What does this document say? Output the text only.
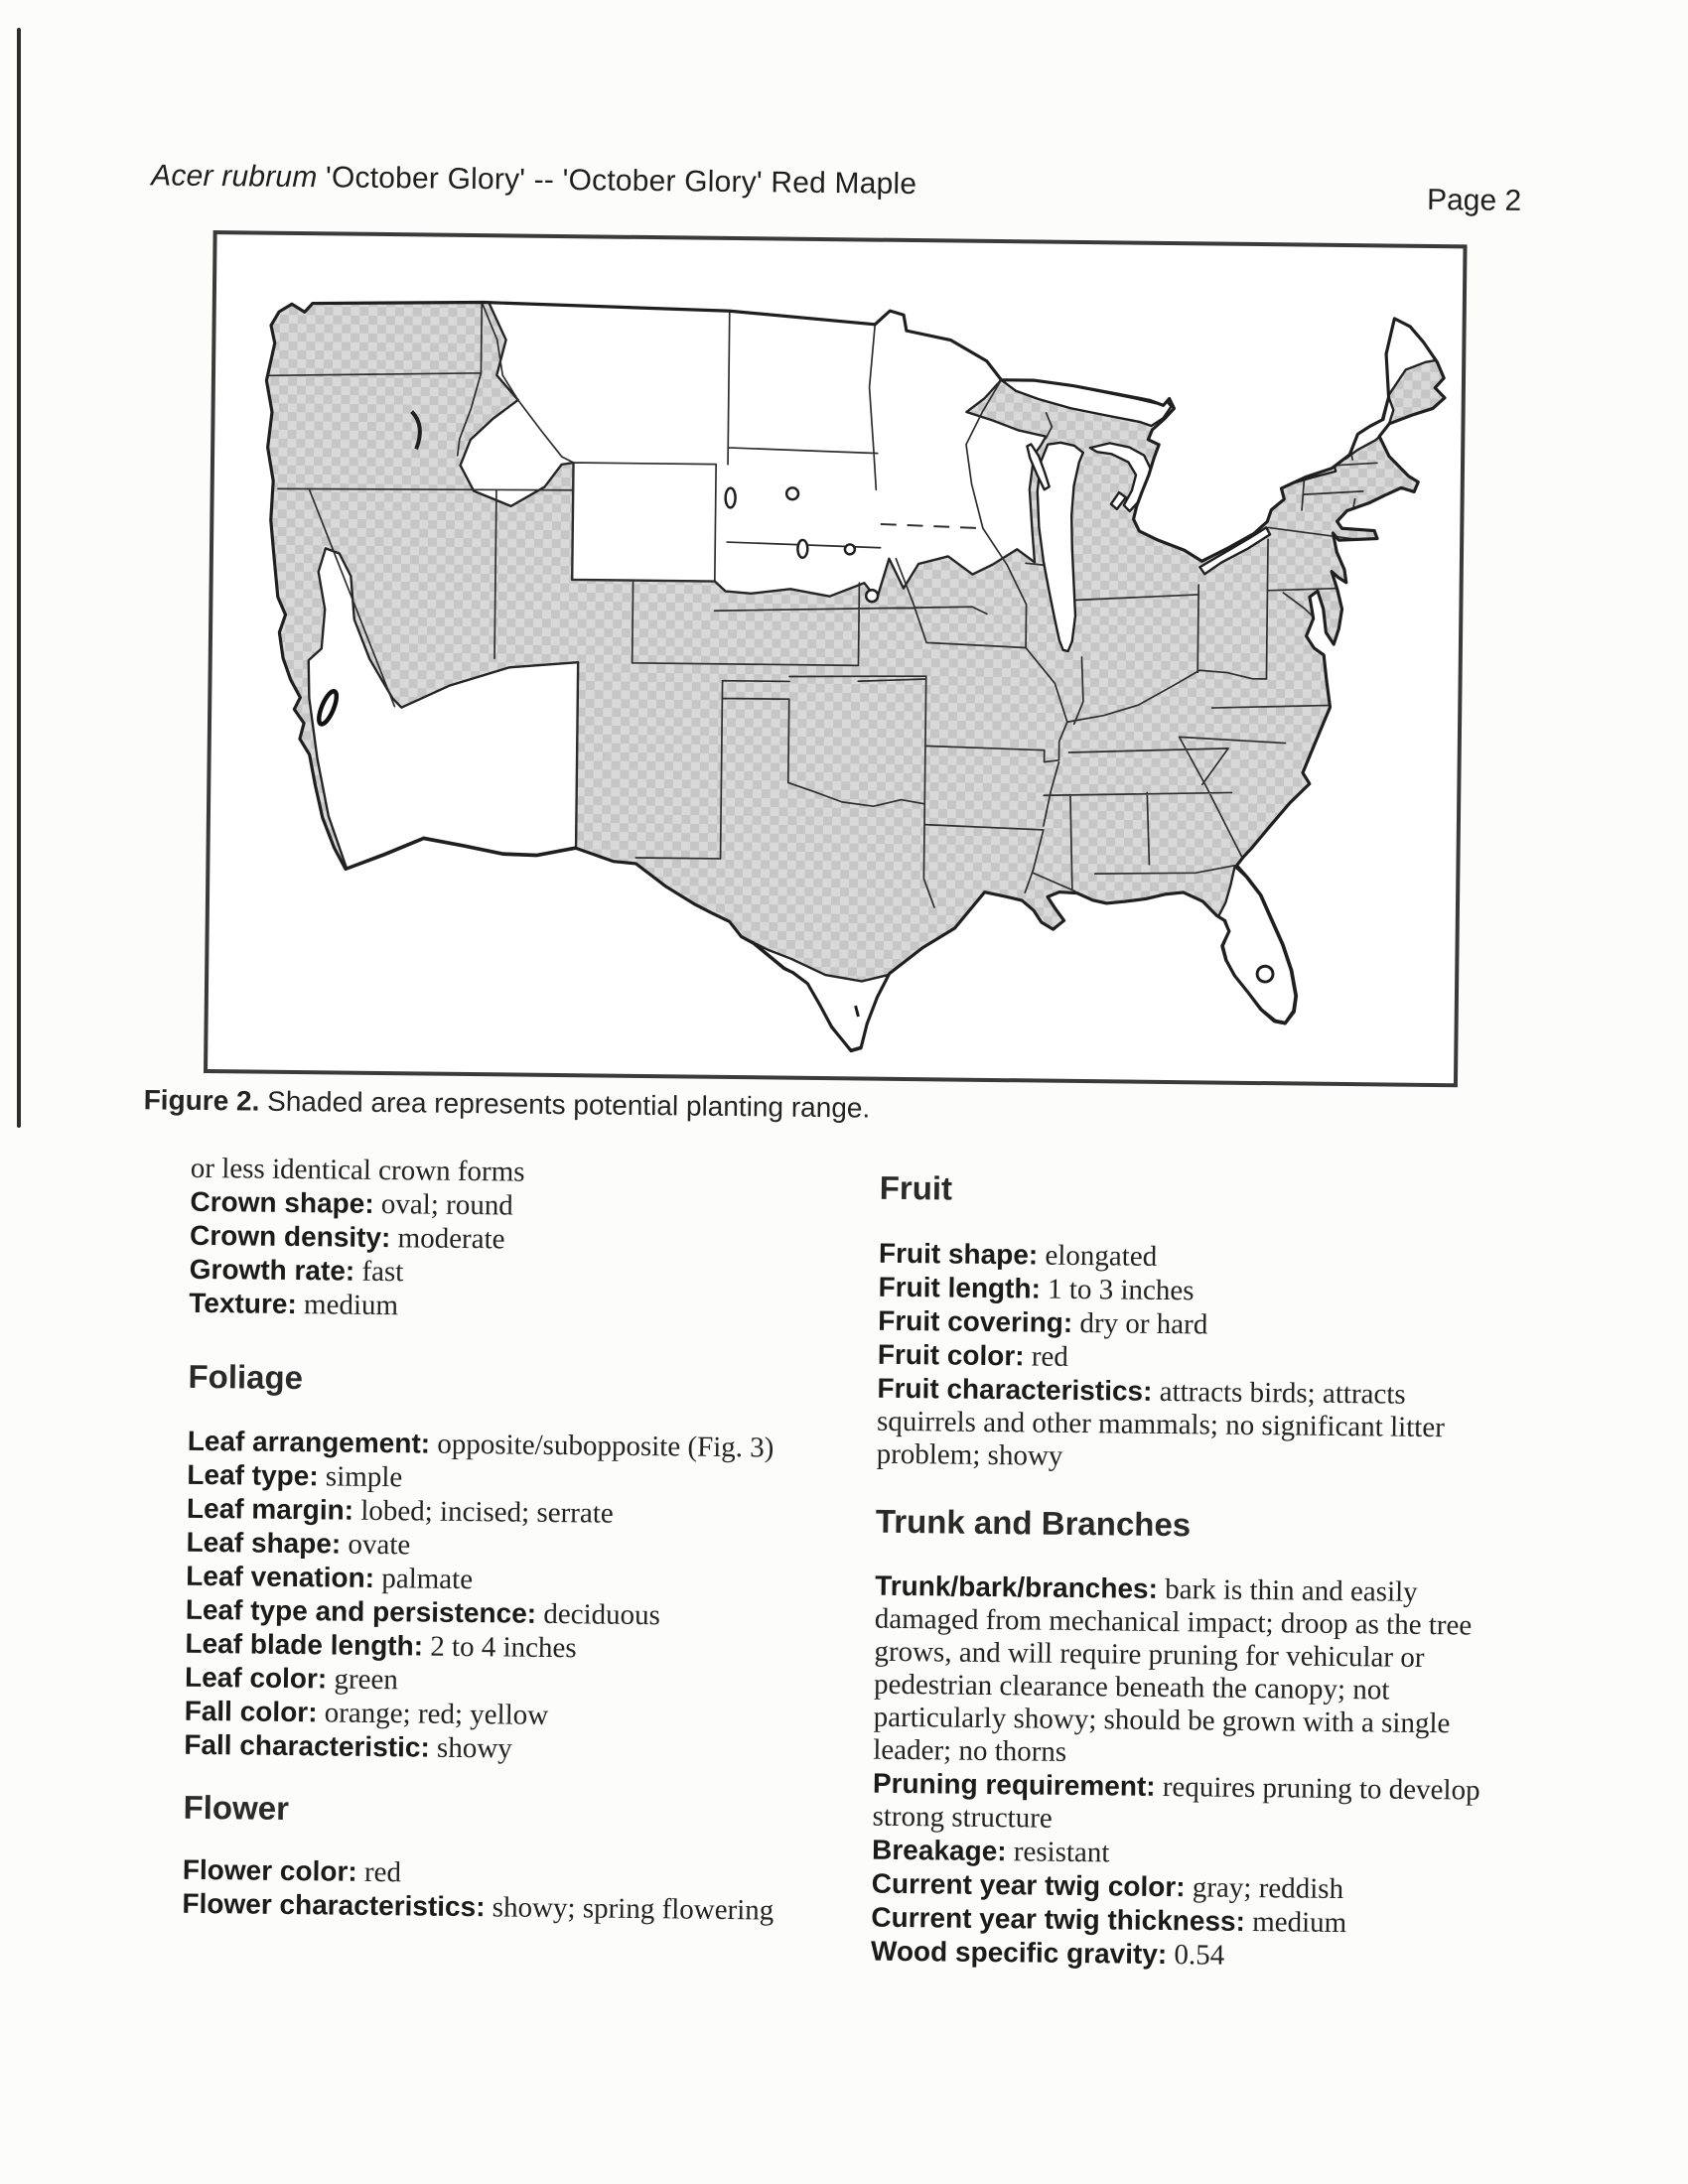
Acer rubrum 'October Glory' -- 'October Glory' Red Maple	Page 2
Figure 2. Shaded area represents potential planting range.
or less identical crown forms
Crown shape: oval; round
Crown density: moderate
Growth rate: fast
Texture: medium
Foliage
Leaf arrangement: opposite/subopposite (Fig. 3)
Leaf type: simple
Leaf margin: lobed; incised; serrate
Leaf shape: ovate
Leaf venation: palmate
Leaf type and persistence: deciduous
Leaf blade length: 2 to 4 inches
Leaf color: green
Fall color: orange; red; yellow
Fall characteristic: showy
Flower
Flower color: red
Flower characteristics: showy; spring flowering
Fruit
Fruit shape: elongated
Fruit length: 1 to 3 inches
Fruit covering: dry or hard
Fruit color: red
Fruit characteristics: attracts birds; attracts squirrels and other mammals; no significant litter problem; showy
Trunk and Branches
Trunk/bark/branches: bark is thin and easily damaged from mechanical impact; droop as the tree grows, and will require pruning for vehicular or pedestrian clearance beneath the canopy; not particularly showy; should be grown with a single leader; no thorns
Pruning requirement: requires pruning to develop strong structure
Breakage: resistant
Current year twig color: gray; reddish
Current year twig thickness: medium
Wood specific gravity: 0.54
